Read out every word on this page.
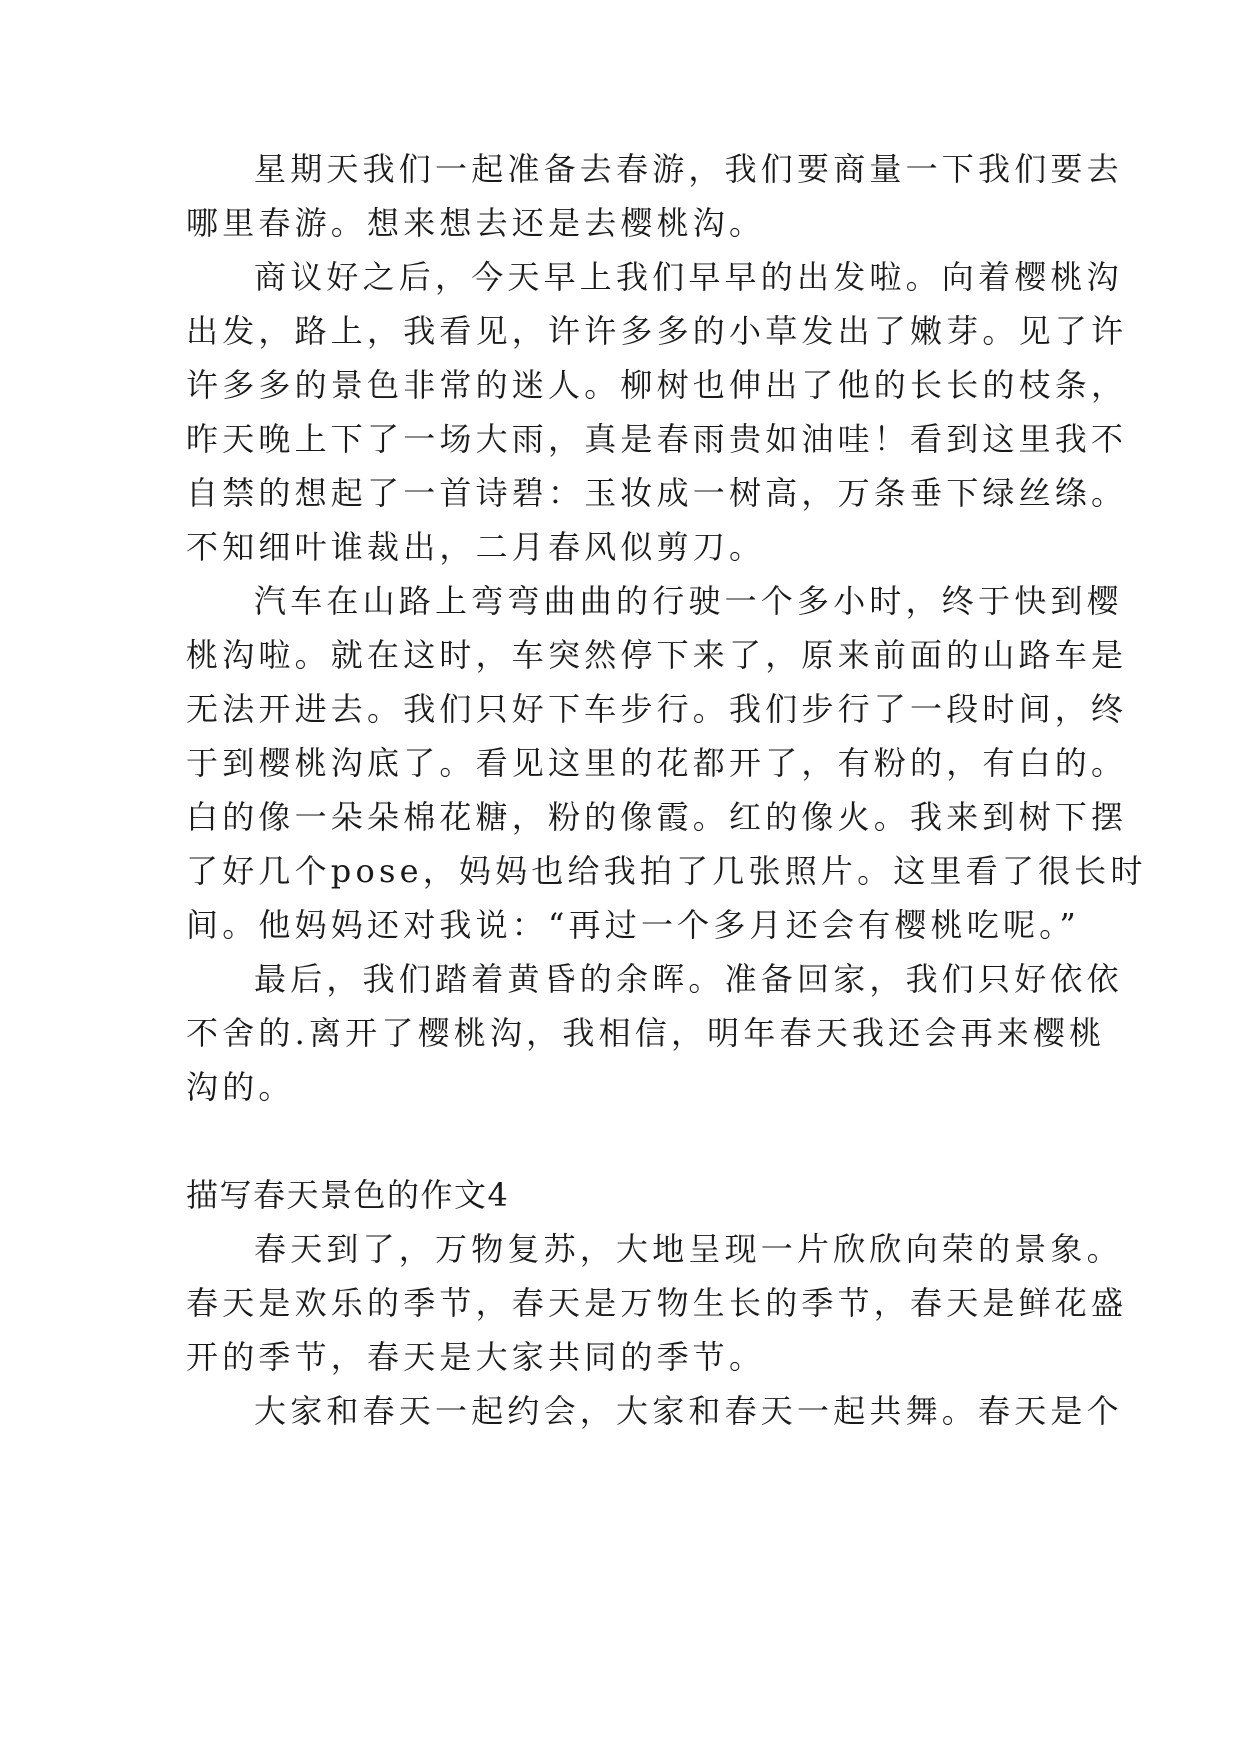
星期天我们一起准备去春游，我们要商量一下我们要去
哪里春游。想来想去还是去樱桃沟。
商议好之后，今天早上我们早早的出发啦。向着樱桃沟
出发，路上，我看见，许许多多的小草发出了嫩芽。见了许
许多多的景色非常的迷人。柳树也伸出了他的长长的枝条，
昨天晚上下了一场大雨，真是春雨贵如油哇！看到这里我不
自禁的想起了一首诗碧：玉妆成一树高，万条垂下绿丝绦。
不知细叶谁裁出，二月春风似剪刀。
汽车在山路上弯弯曲曲的行驶一个多小时，终于快到樱
桃沟啦。就在这时，车突然停下来了，原来前面的山路车是
无法开进去。我们只好下车步行。我们步行了一段时间，终
于到樱桃沟底了。看见这里的花都开了，有粉的，有白的。
白的像一朵朵棉花糖，粉的像霞。红的像火。我来到树下摆
了好几个pose，妈妈也给我拍了几张照片。这里看了很长时
间。他妈妈还对我说：“再过一个多月还会有樱桃吃呢。”
最后，我们踏着黄昏的余晖。准备回家，我们只好依依
不舍的.离开了樱桃沟，我相信，明年春天我还会再来樱桃
沟的。
描写春天景色的作文4
春天到了，万物复苏，大地呈现一片欣欣向荣的景象。
春天是欢乐的季节，春天是万物生长的季节，春天是鲜花盛
开的季节，春天是大家共同的季节。
大家和春天一起约会，大家和春天一起共舞。春天是个
